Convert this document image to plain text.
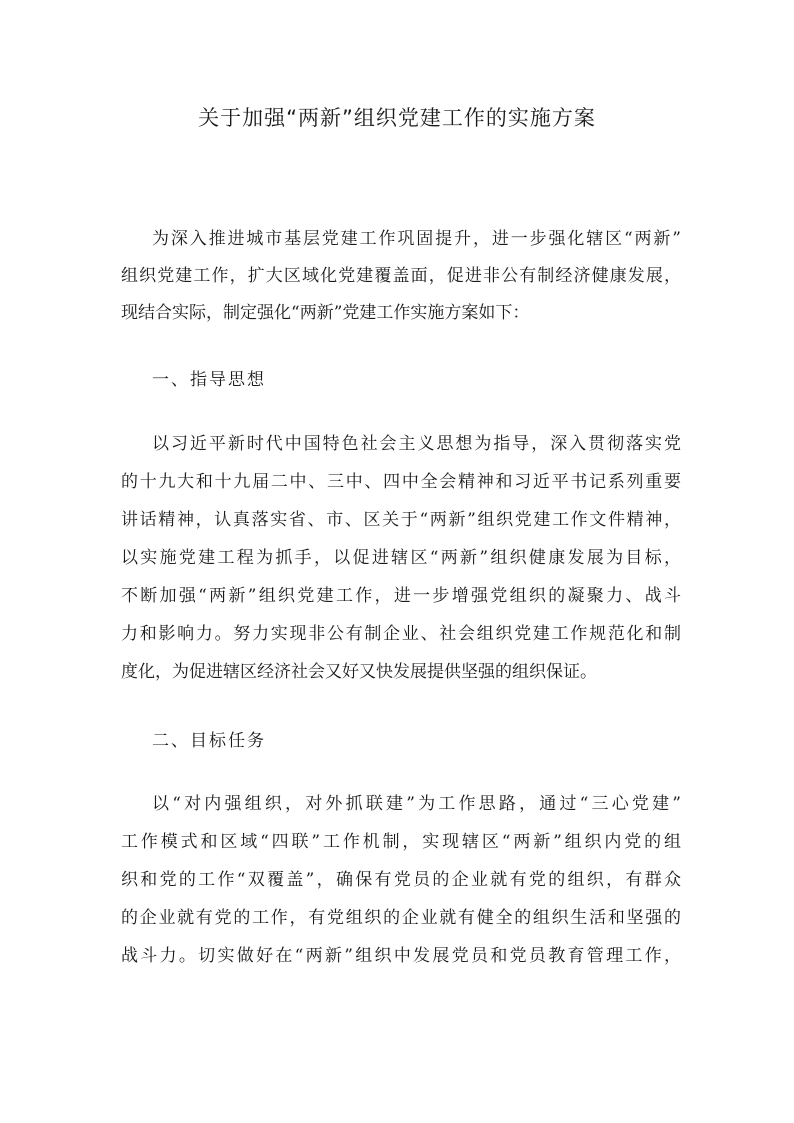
关于加强“两新”组织党建工作的实施方案
为深入推进城市基层党建工作巩固提升，进一步强化辖区“两新”
组织党建工作，扩大区域化党建覆盖面，促进非公有制经济健康发展，
现结合实际，制定强化“两新”党建工作实施方案如下：
一、指导思想
以习近平新时代中国特色社会主义思想为指导，深入贯彻落实党
的十九大和十九届二中、三中、四中全会精神和习近平书记系列重要
讲话精神，认真落实省、市、区关于“两新”组织党建工作文件精神，
以实施党建工程为抓手，以促进辖区“两新”组织健康发展为目标，
不断加强“两新”组织党建工作，进一步增强党组织的凝聚力、战斗
力和影响力。努力实现非公有制企业、社会组织党建工作规范化和制
度化，为促进辖区经济社会又好又快发展提供坚强的组织保证。
二、目标任务
以“对内强组织，对外抓联建”为工作思路，通过“三心党建”
工作模式和区域“四联”工作机制，实现辖区“两新”组织内党的组
织和党的工作“双覆盖”，确保有党员的企业就有党的组织，有群众
的企业就有党的工作，有党组织的企业就有健全的组织生活和坚强的
战斗力。切实做好在“两新”组织中发展党员和党员教育管理工作，
